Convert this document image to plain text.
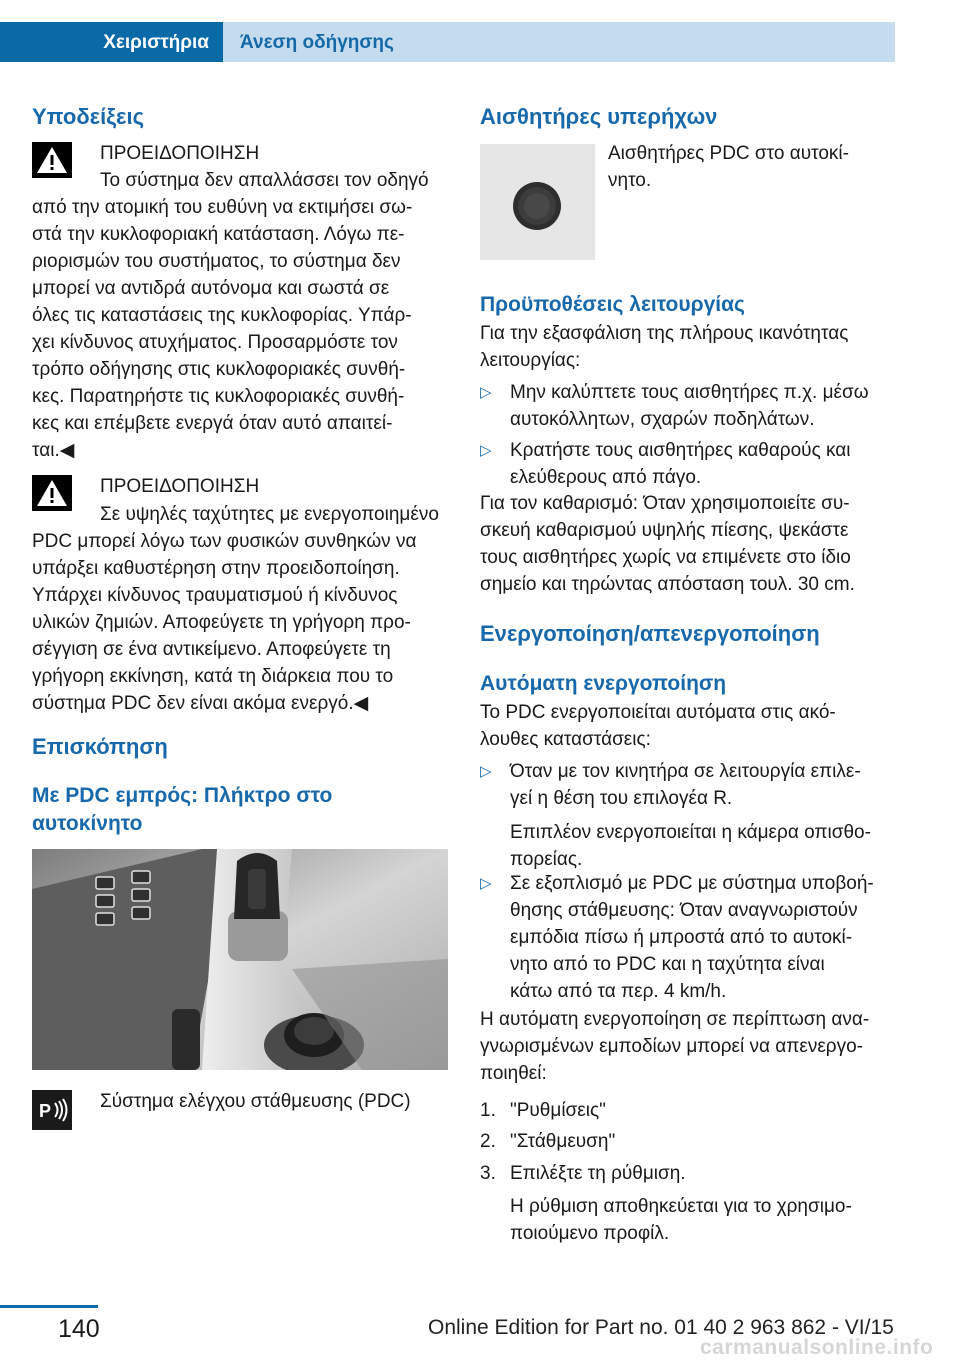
Χειριστήρια	Άνεση οδήγησης
Υποδείξεις
ΠΡΟΕΙΔΟΠΟΙΗΣΗ
Το σύστημα δεν απαλλάσσει τον οδηγό
από την ατομική του ευθύνη να εκτιμήσει σω-
στά την κυκλοφοριακή κατάσταση. Λόγω πε-
ριορισμών του συστήματος, το σύστημα δεν
μπορεί να αντιδρά αυτόνομα και σωστά σε
όλες τις καταστάσεις της κυκλοφορίας. Υπάρ-
χει κίνδυνος ατυχήματος. Προσαρμόστε τον
τρόπο οδήγησης στις κυκλοφοριακές συνθή-
κες. Παρατηρήστε τις κυκλοφοριακές συνθή-
κες και επέμβετε ενεργά όταν αυτό απαιτεί-
ται.◀
ΠΡΟΕΙΔΟΠΟΙΗΣΗ
Σε υψηλές ταχύτητες με ενεργοποιημένο
PDC μπορεί λόγω των φυσικών συνθηκών να
υπάρξει καθυστέρηση στην προειδοποίηση.
Υπάρχει κίνδυνος τραυματισμού ή κίνδυνος
υλικών ζημιών. Αποφεύγετε τη γρήγορη προ-
σέγγιση σε ένα αντικείμενο. Αποφεύγετε τη
γρήγορη εκκίνηση, κατά τη διάρκεια που το
σύστημα PDC δεν είναι ακόμα ενεργό.◀
Επισκόπηση
Με PDC εμπρός: Πλήκτρο στο
αυτοκίνητο
P	Σύστημα ελέγχου στάθμευσης (PDC)
Αισθητήρες υπερήχων
Αισθητήρες PDC στο αυτοκί-
νητο.
Προϋποθέσεις λειτουργίας
Για την εξασφάλιση της πλήρους ικανότητας
λειτουργίας:
▷ Μην καλύπτετε τους αισθητήρες π.χ. μέσω
αυτοκόλλητων, σχαρών ποδηλάτων.
▷ Κρατήστε τους αισθητήρες καθαρούς και
ελεύθερους από πάγο.
Για τον καθαρισμό: Όταν χρησιμοποιείτε συ-
σκευή καθαρισμού υψηλής πίεσης, ψεκάστε
τους αισθητήρες χωρίς να επιμένετε στο ίδιο
σημείο και τηρώντας απόσταση τουλ. 30 cm.
Ενεργοποίηση/απενεργοποίηση
Αυτόματη ενεργοποίηση
Το PDC ενεργοποιείται αυτόματα στις ακό-
λουθες καταστάσεις:
▷ Όταν με τον κινητήρα σε λειτουργία επιλε-
γεί η θέση του επιλογέα R.
Επιπλέον ενεργοποιείται η κάμερα οπισθο-
πορείας.
▷ Σε εξοπλισμό με PDC με σύστημα υποβοή-
θησης στάθμευσης: Όταν αναγνωριστούν
εμπόδια πίσω ή μπροστά από το αυτοκί-
νητο από το PDC και η ταχύτητα είναι
κάτω από τα περ. 4 km/h.
Η αυτόματη ενεργοποίηση σε περίπτωση ανα-
γνωρισμένων εμποδίων μπορεί να απενεργο-
ποιηθεί:
1. "Ρυθμίσεις"
2. "Στάθμευση"
3. Επιλέξτε τη ρύθμιση.
Η ρύθμιση αποθηκεύεται για το χρησιμο-
ποιούμενο προφίλ.
140	Online Edition for Part no. 01 40 2 963 862 - VI/15
carmanualsonline.info
